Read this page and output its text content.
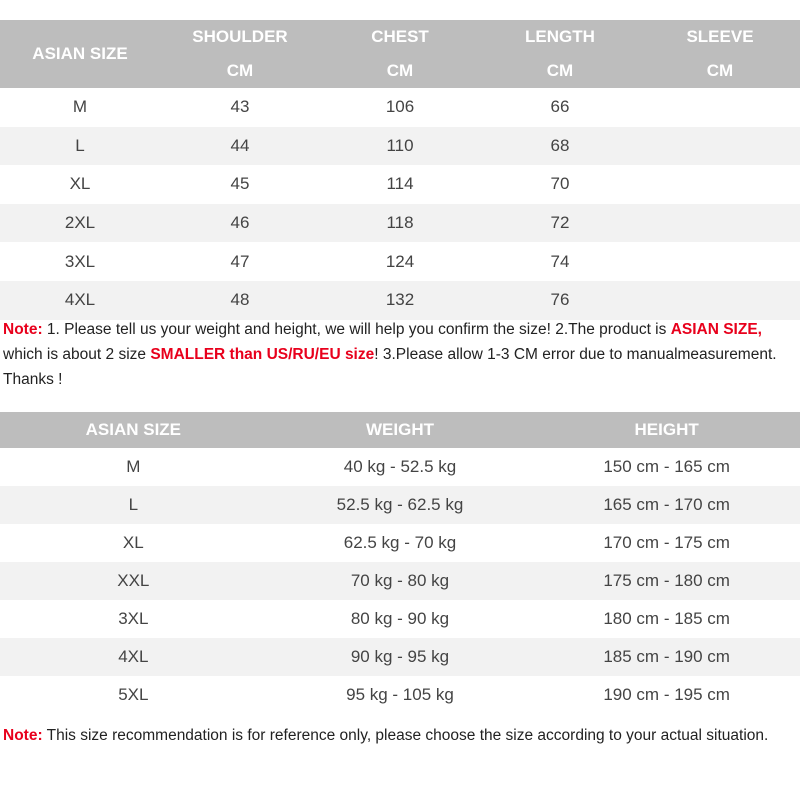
ASIAN SIZE	SHOULDER	CHEST	LENGTH	SLEEVE
	CM	CM	CM	CM
M	43	106	66	
L	44	110	68	
XL	45	114	70	
2XL	46	118	72	
3XL	47	124	74	
4XL	48	132	76	
Note: 1. Please tell us your weight and height, we will help you confirm the size! 2.The product is ASIAN SIZE, which is about 2 size SMALLER than US/RU/EU size! 3.Please allow 1-3 CM error due to manualmeasurement. Thanks !
ASIAN SIZE	WEIGHT	HEIGHT
M	40 kg - 52.5 kg	150 cm - 165 cm
L	52.5 kg - 62.5 kg	165 cm - 170 cm
XL	62.5 kg - 70 kg	170 cm - 175 cm
XXL	70 kg - 80 kg	175 cm - 180 cm
3XL	80 kg - 90 kg	180 cm - 185 cm
4XL	90 kg - 95 kg	185 cm - 190 cm
5XL	95 kg - 105 kg	190 cm - 195 cm
Note: This size recommendation is for reference only, please choose the size according to your actual situation.
